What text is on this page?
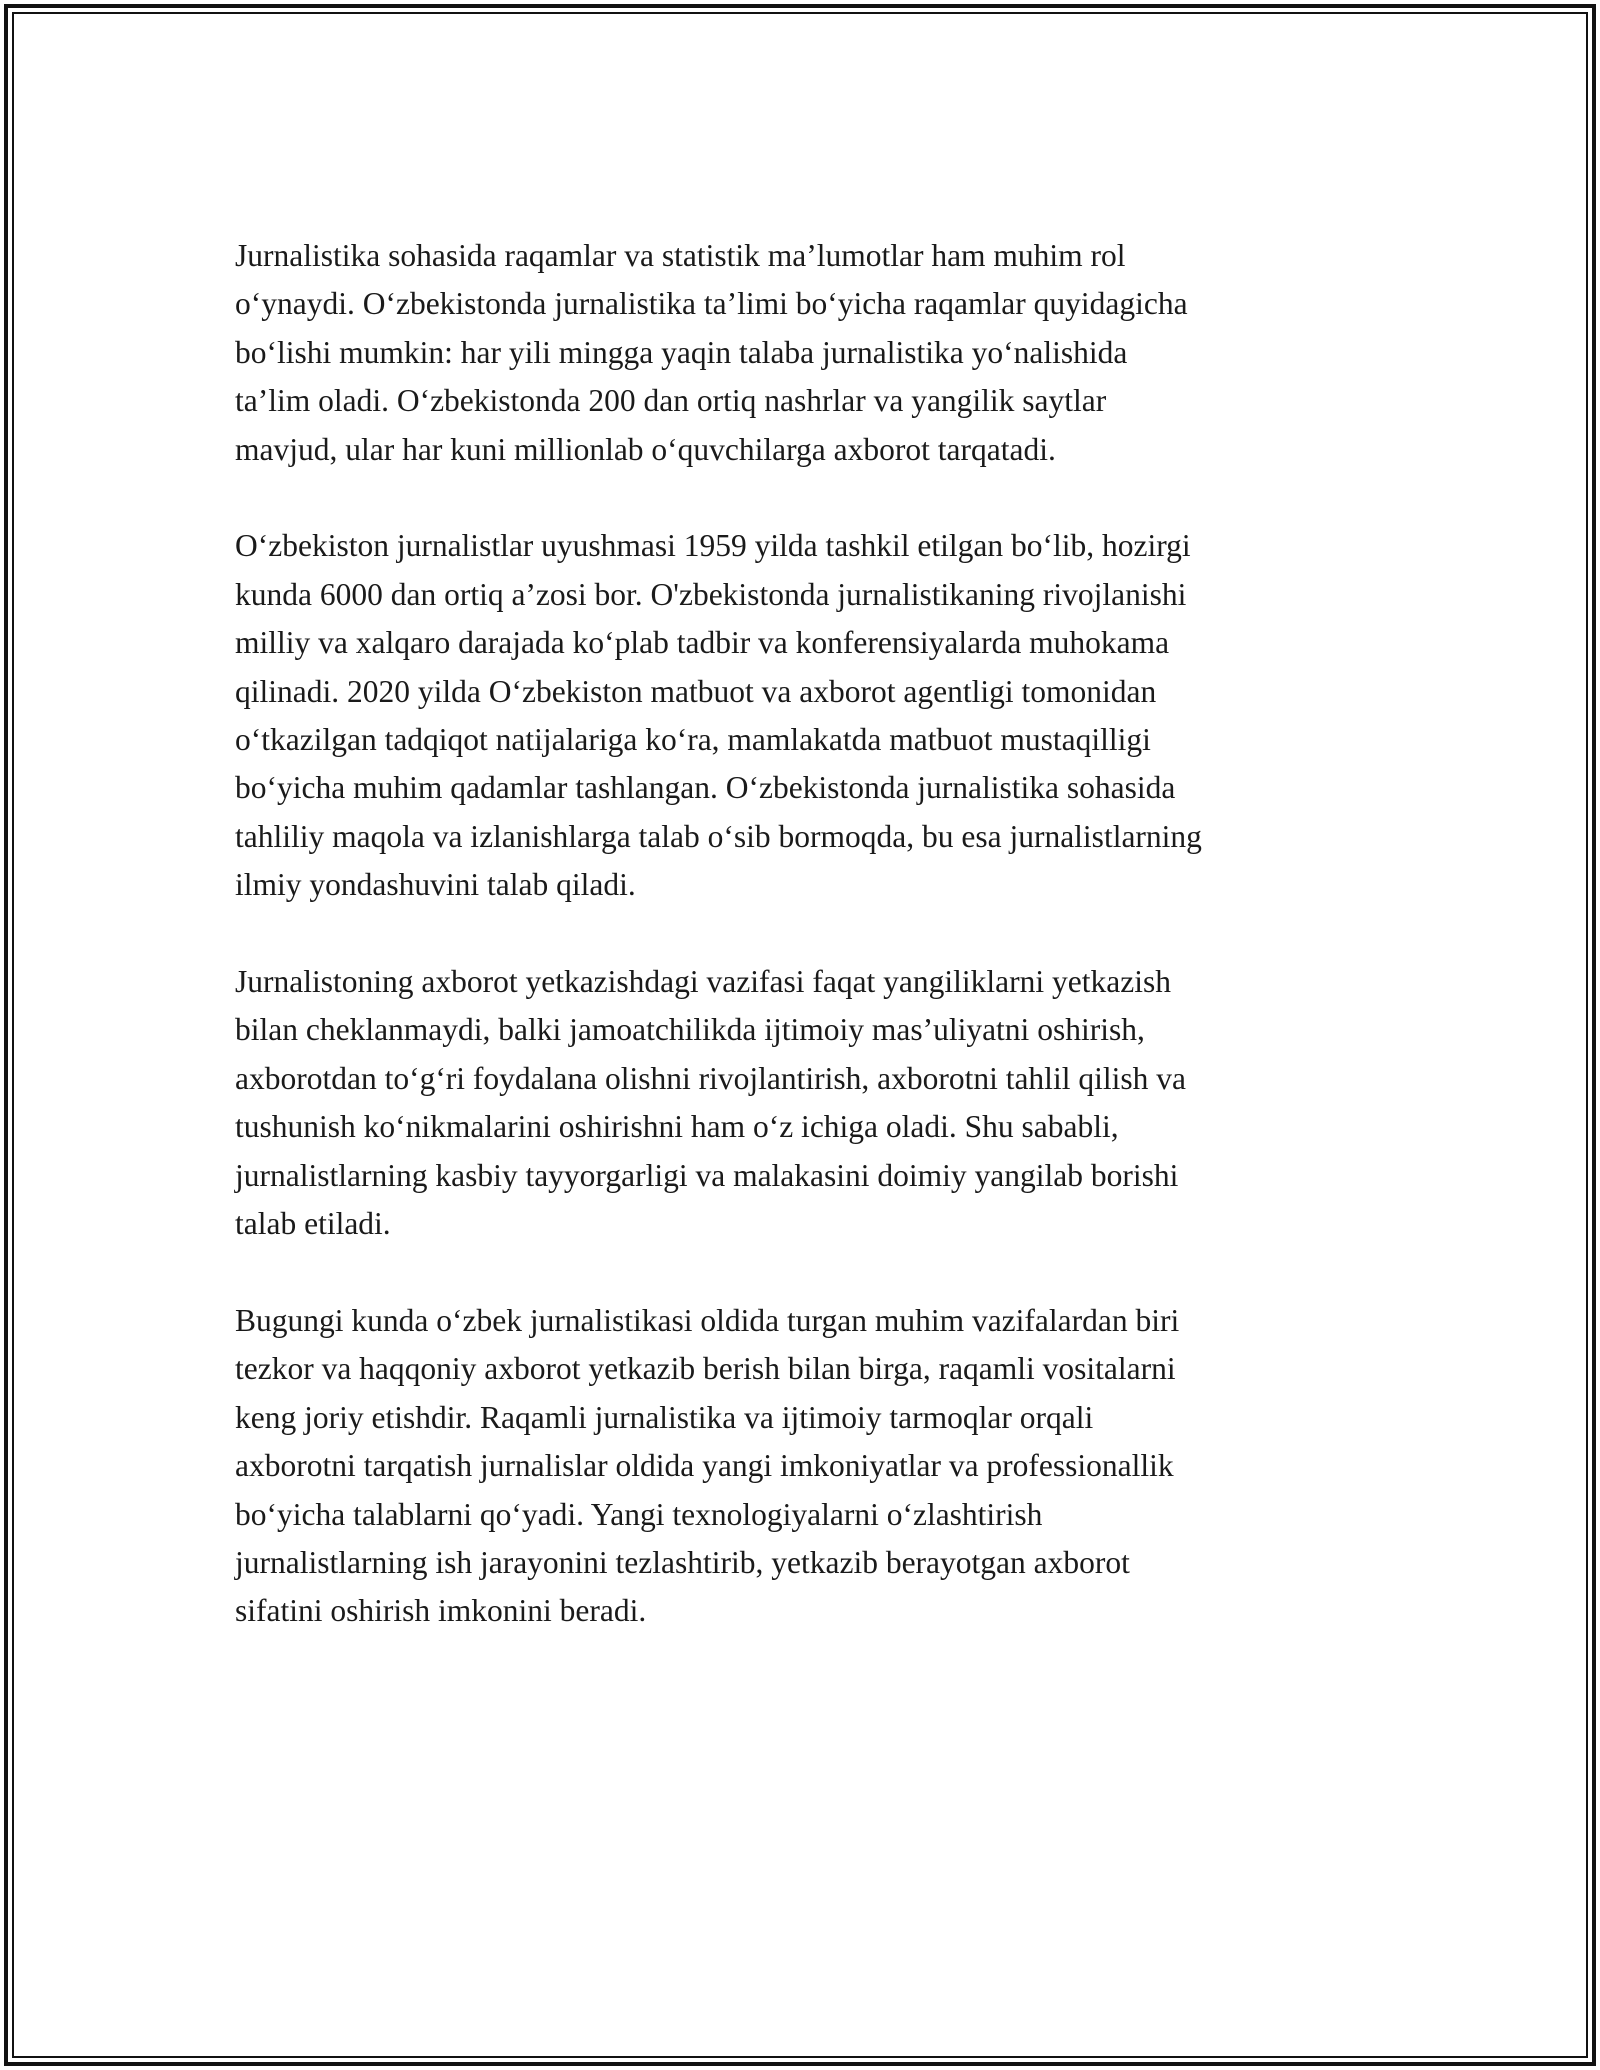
Jurnalistika sohasida raqamlar va statistik ma’lumotlar ham muhim rol
o‘ynaydi. O‘zbekistonda jurnalistika ta’limi bo‘yicha raqamlar quyidagicha
bo‘lishi mumkin: har yili mingga yaqin talaba jurnalistika yo‘nalishida
ta’lim oladi. O‘zbekistonda 200 dan ortiq nashrlar va yangilik saytlar
mavjud, ular har kuni millionlab o‘quvchilarga axborot tarqatadi.

O‘zbekiston jurnalistlar uyushmasi 1959 yilda tashkil etilgan bo‘lib, hozirgi
kunda 6000 dan ortiq a’zosi bor. O'zbekistonda jurnalistikaning rivojlanishi
milliy va xalqaro darajada ko‘plab tadbir va konferensiyalarda muhokama
qilinadi. 2020 yilda O‘zbekiston matbuot va axborot agentligi tomonidan
o‘tkazilgan tadqiqot natijalariga ko‘ra, mamlakatda matbuot mustaqilligi
bo‘yicha muhim qadamlar tashlangan. O‘zbekistonda jurnalistika sohasida
tahliliy maqola va izlanishlarga talab o‘sib bormoqda, bu esa jurnalistlarning
ilmiy yondashuvini talab qiladi.

Jurnalistoning axborot yetkazishdagi vazifasi faqat yangiliklarni yetkazish
bilan cheklanmaydi, balki jamoatchilikda ijtimoiy mas’uliyatni oshirish,
axborotdan to‘g‘ri foydalana olishni rivojlantirish, axborotni tahlil qilish va
tushunish ko‘nikmalarini oshirishni ham o‘z ichiga oladi. Shu sababli,
jurnalistlarning kasbiy tayyorgarligi va malakasini doimiy yangilab borishi
talab etiladi.

Bugungi kunda o‘zbek jurnalistikasi oldida turgan muhim vazifalardan biri
tezkor va haqqoniy axborot yetkazib berish bilan birga, raqamli vositalarni
keng joriy etishdir. Raqamli jurnalistika va ijtimoiy tarmoqlar orqali
axborotni tarqatish jurnalislar oldida yangi imkoniyatlar va professionallik
bo‘yicha talablarni qo‘yadi. Yangi texnologiyalarni o‘zlashtirish
jurnalistlarning ish jarayonini tezlashtirib, yetkazib berayotgan axborot
sifatini oshirish imkonini beradi.
